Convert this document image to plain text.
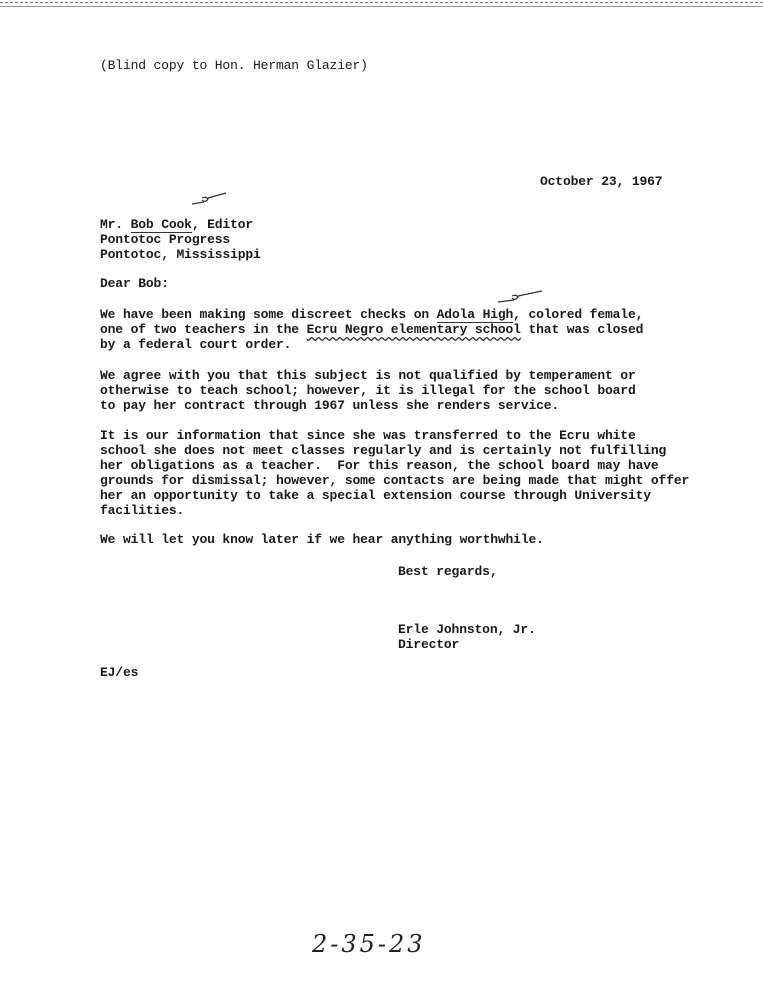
(Blind copy to Hon. Herman Glazier)
October 23, 1967
Mr. Bob Cook, Editor
Pontotoc Progress
Pontotoc, Mississippi
Dear Bob:
We have been making some discreet checks on Adola High, colored female,
one of two teachers in the Ecru Negro elementary school that was closed
by a federal court order.
We agree with you that this subject is not qualified by temperament or
otherwise to teach school; however, it is illegal for the school board
to pay her contract through 1967 unless she renders service.
It is our information that since she was transferred to the Ecru white
school she does not meet classes regularly and is certainly not fulfilling
her obligations as a teacher.  For this reason, the school board may have
grounds for dismissal; however, some contacts are being made that might offer
her an opportunity to take a special extension course through University
facilities.
We will let you know later if we hear anything worthwhile.
Best regards,
Erle Johnston, Jr.
Director
EJ/es
2-35-23
